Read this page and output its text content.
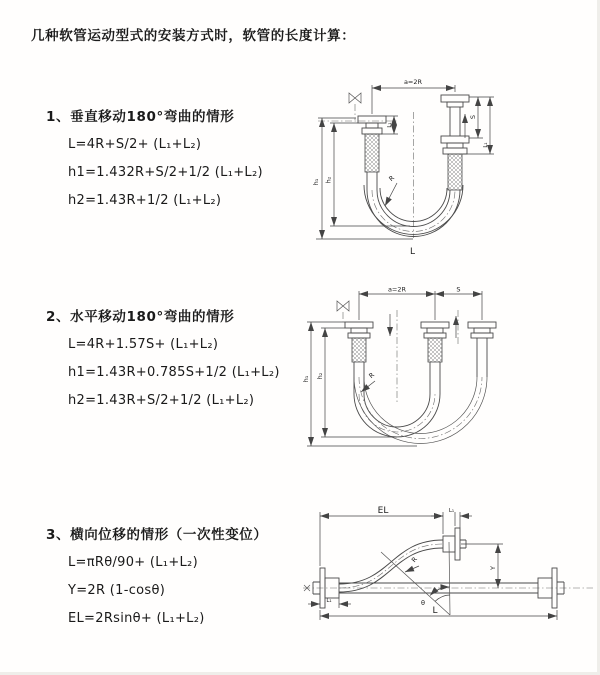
几种软管运动型式的安装方式时，软管的长度计算：
1、垂直移动180°弯曲的情形
L=4R+S/2+ (L₁+L₂)
h1=1.432R+S/2+1/2 (L₁+L₂)
h2=1.43R+1/2 (L₁+L₂)
2、水平移动180°弯曲的情形
L=4R+1.57S+ (L₁+L₂)
h1=1.43R+0.785S+1/2 (L₁+L₂)
h2=1.43R+S/2+1/2 (L₁+L₂)
3、横向位移的情形（一次性变位）
L=πRθ/90+ (L₁+L₂)
Y=2R (1-cosθ)
EL=2Rsinθ+ (L₁+L₂)
a=2R
h₁ h₂
L₁
S
L₁
R
L
a=2R	S
h₁ h₂	R
EL	L₁
Y
L
L₁	θ
R
